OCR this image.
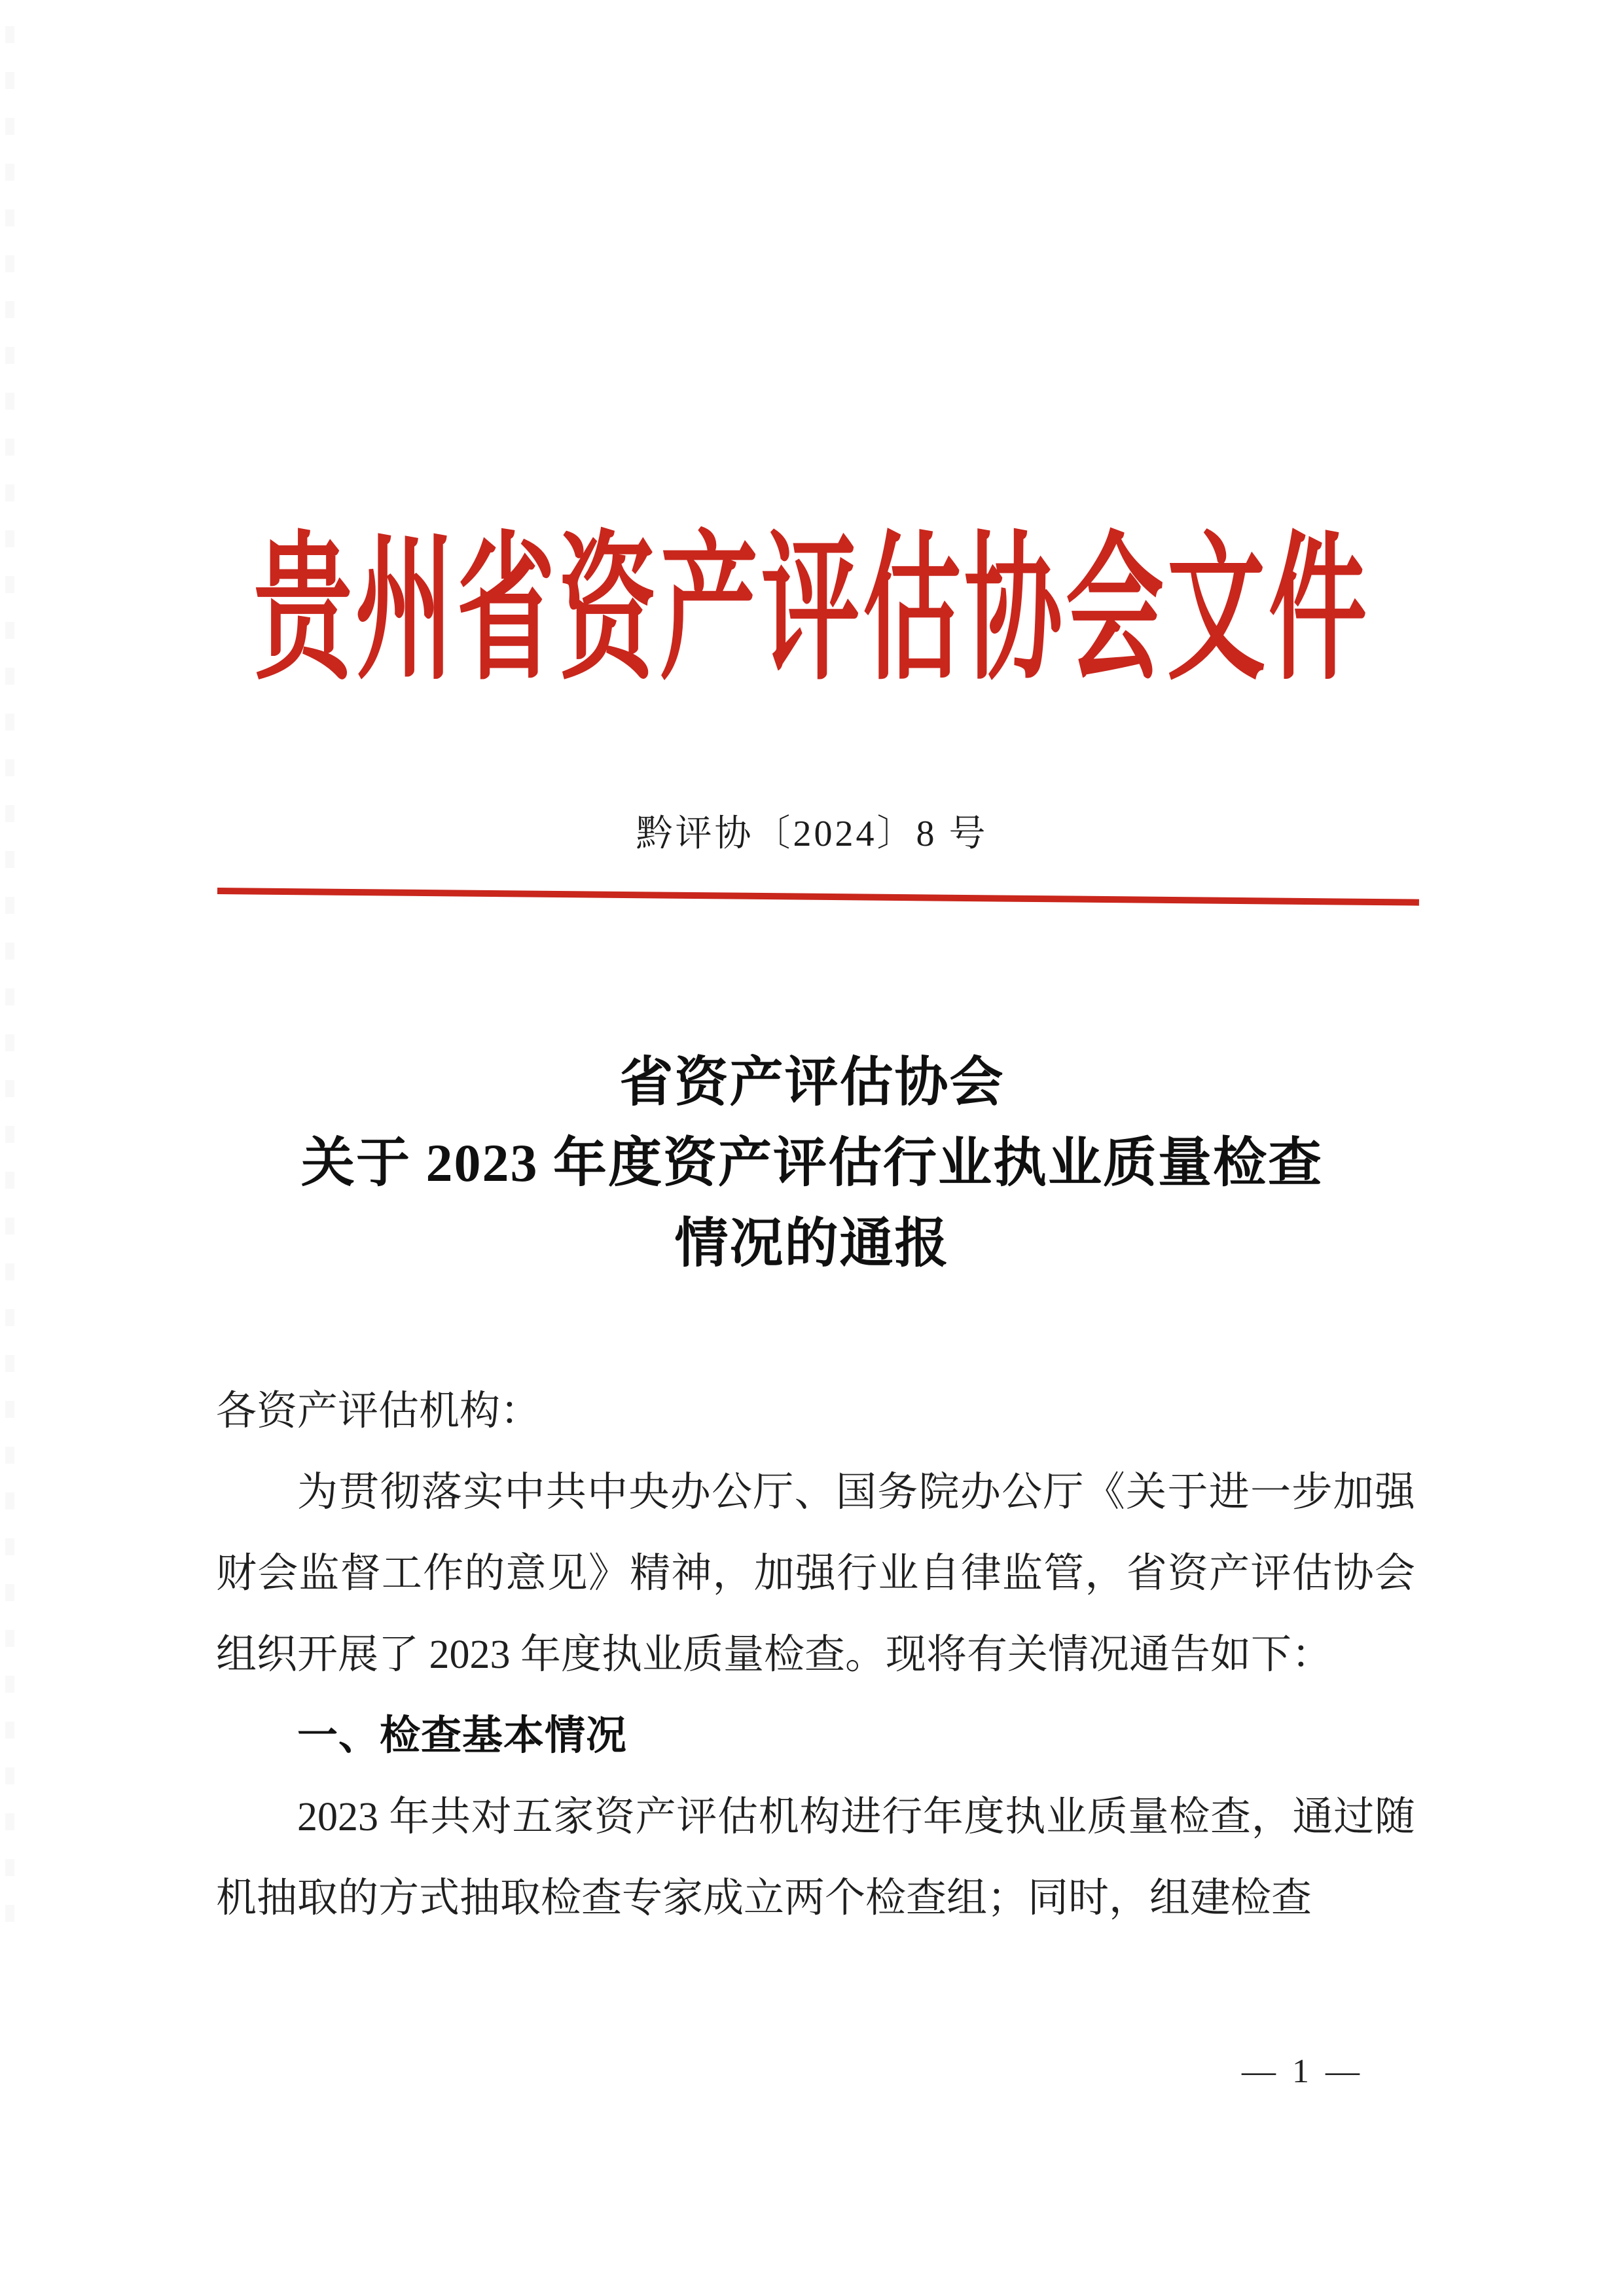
贵州省资产评估协会文件
黔评协〔2024〕8 号
省资产评估协会
关于 2023 年度资产评估行业执业质量检查
情况的通报

各资产评估机构：

为贯彻落实中共中央办公厅、国务院办公厅《关于进一步加强财会监督工作的意见》精神，加强行业自律监管，省资产评估协会组织开展了 2023 年度执业质量检查。现将有关情况通告如下：

一、检查基本情况

2023 年共对五家资产评估机构进行年度执业质量检查，通过随机抽取的方式抽取检查专家成立两个检查组；同时，组建检查

— 1 —
